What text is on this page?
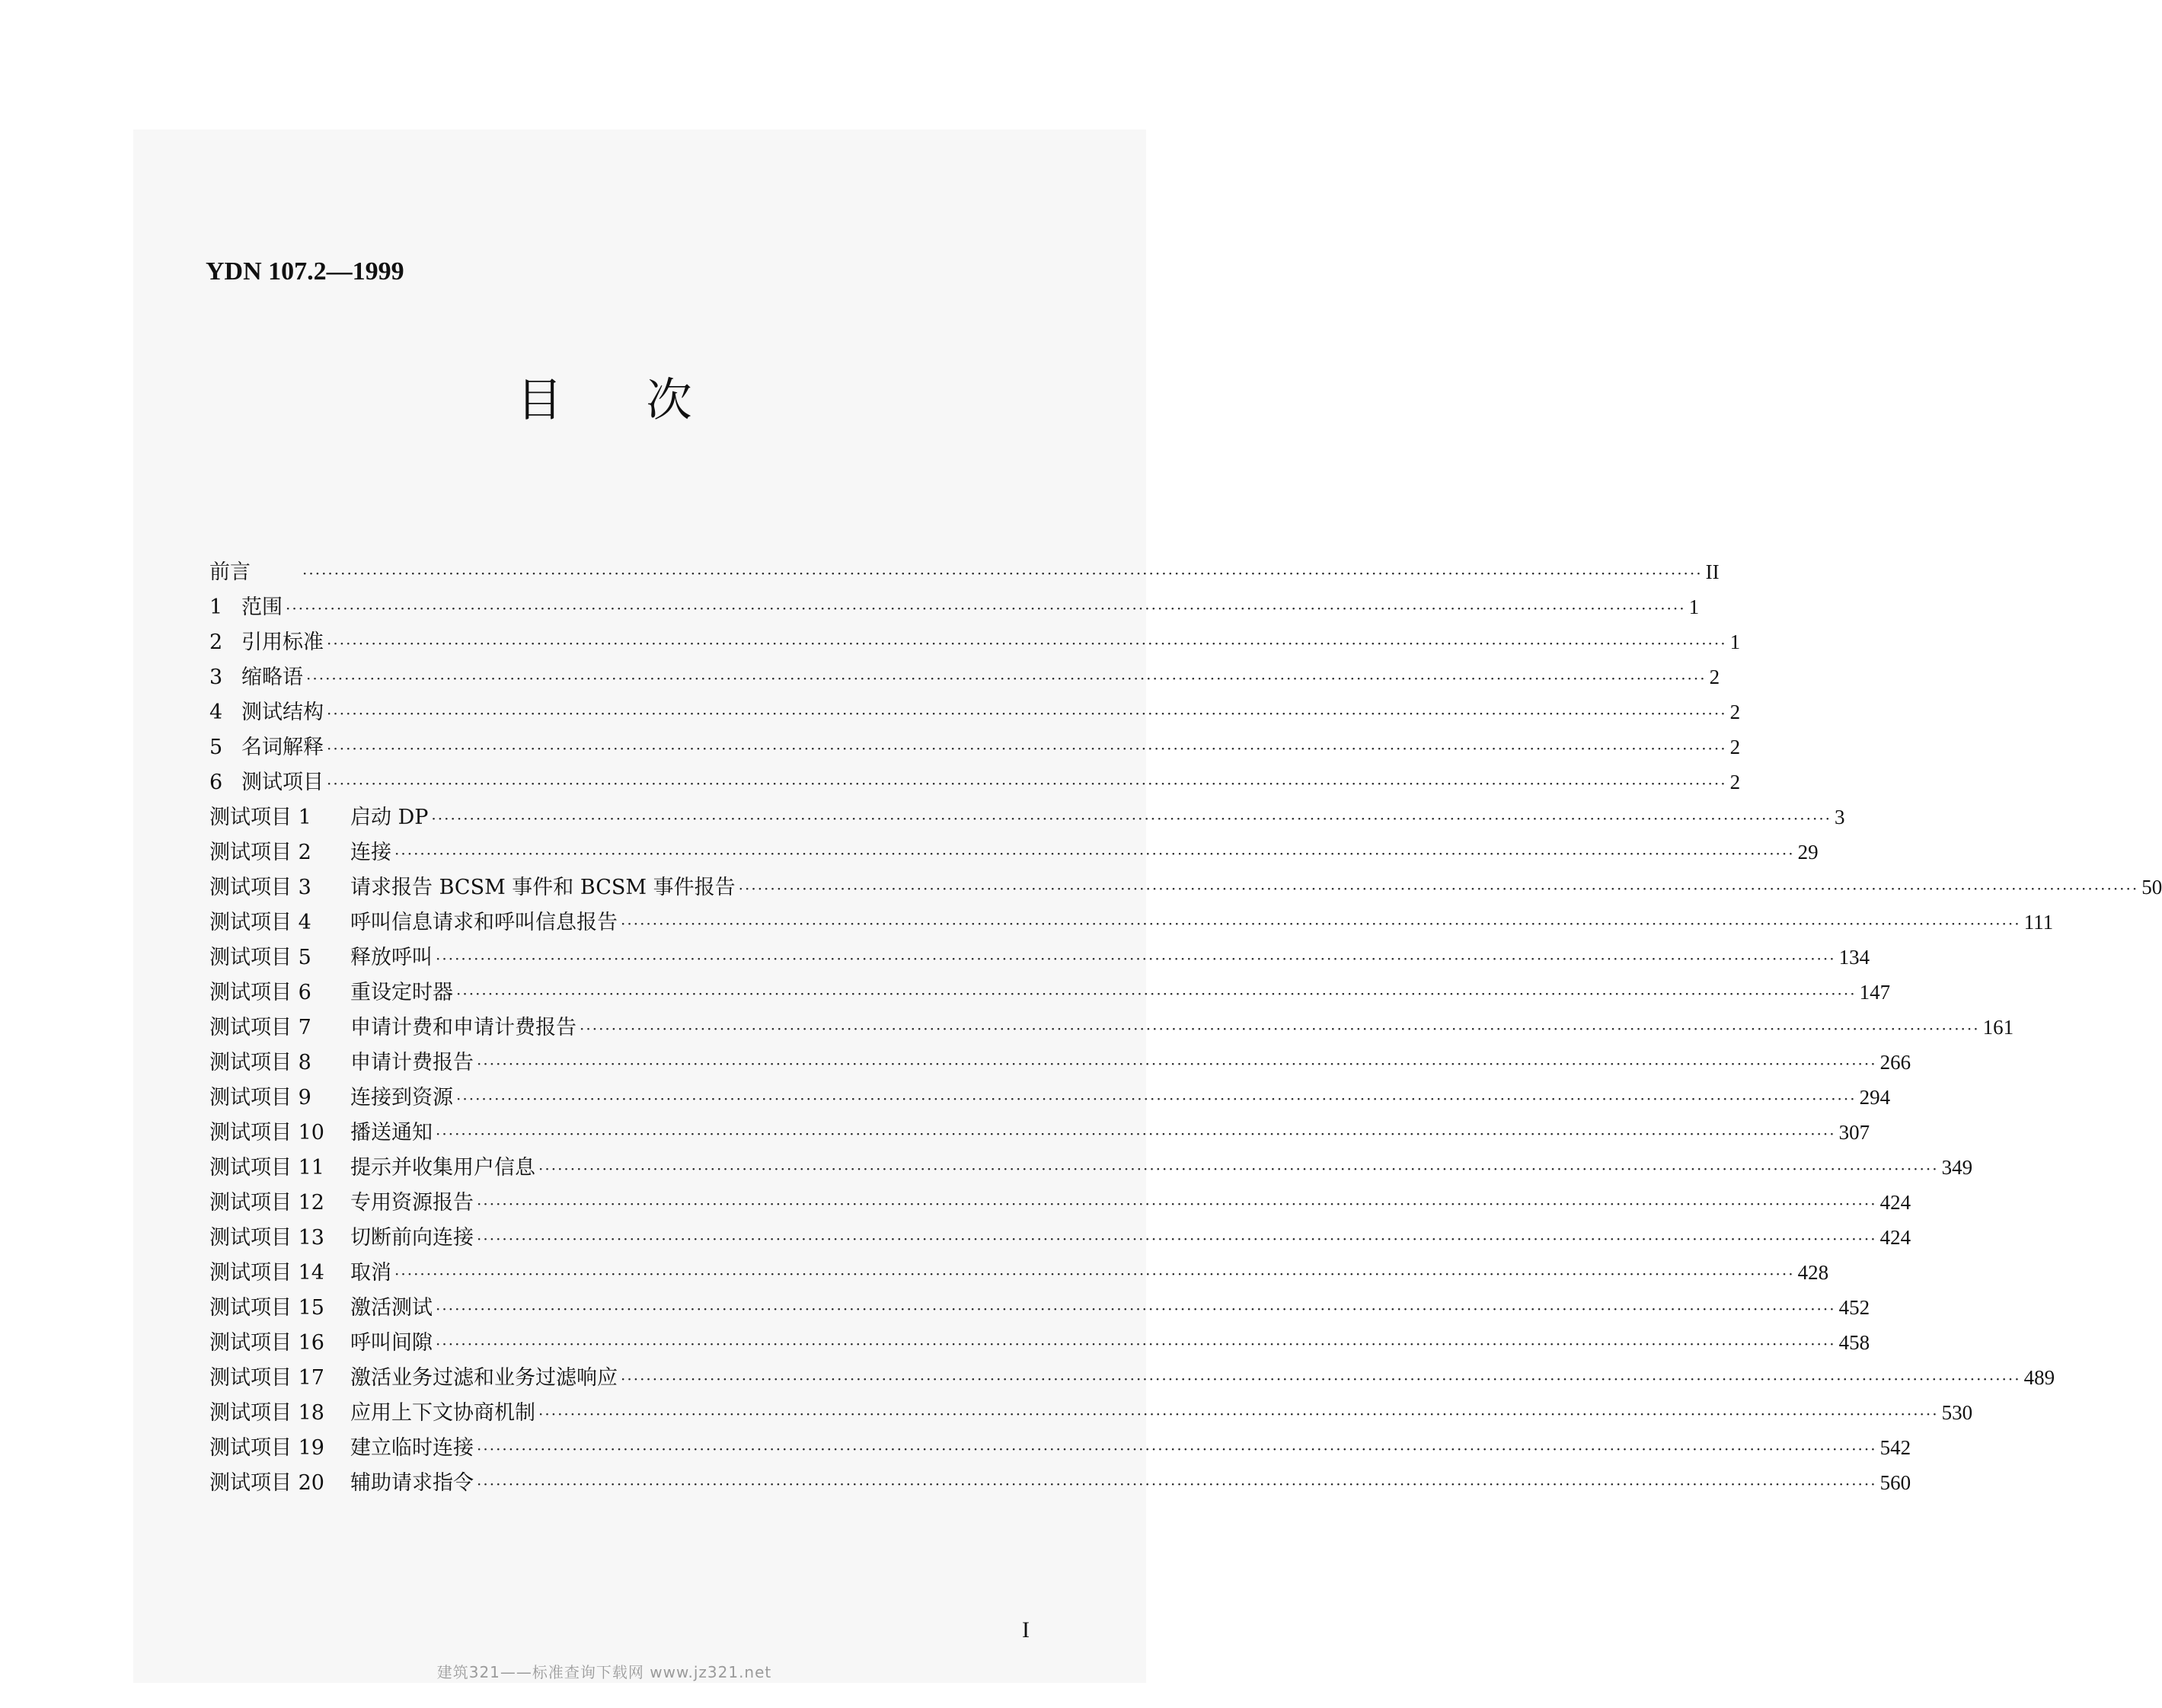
YDN 107.2—1999
目次
前言	···························································································································································································································· II
1 范围 ···························································································································································································································· 1
2 引用标准 ···························································································································································································································· 1
3 缩略语 ···························································································································································································································· 2
4 测试结构 ···························································································································································································································· 2
5 名词解释 ···························································································································································································································· 2
6 测试项目 ···························································································································································································································· 2
测试项目 1	启动 DP ···························································································································································································································· 3
测试项目 2	连接 ···························································································································································································································· 29
测试项目 3	请求报告 BCSM 事件和 BCSM 事件报告 ···························································································································································································································· 50
测试项目 4	呼叫信息请求和呼叫信息报告 ···························································································································································································································· 111
测试项目 5	释放呼叫 ···························································································································································································································· 134
测试项目 6	重设定时器 ···························································································································································································································· 147
测试项目 7	申请计费和申请计费报告 ···························································································································································································································· 161
测试项目 8	申请计费报告 ···························································································································································································································· 266
测试项目 9	连接到资源 ···························································································································································································································· 294
测试项目 10	播送通知 ···························································································································································································································· 307
测试项目 11	提示并收集用户信息 ···························································································································································································································· 349
测试项目 12	专用资源报告 ···························································································································································································································· 424
测试项目 13	切断前向连接 ···························································································································································································································· 424
测试项目 14	取消 ···························································································································································································································· 428
测试项目 15	激活测试 ···························································································································································································································· 452
测试项目 16	呼叫间隙 ···························································································································································································································· 458
测试项目 17	激活业务过滤和业务过滤响应 ···························································································································································································································· 489
测试项目 18	应用上下文协商机制 ···························································································································································································································· 530
测试项目 19	建立临时连接 ···························································································································································································································· 542
测试项目 20	辅助请求指令 ···························································································································································································································· 560
I
建筑321——标准查询下载网 www.jz321.net
